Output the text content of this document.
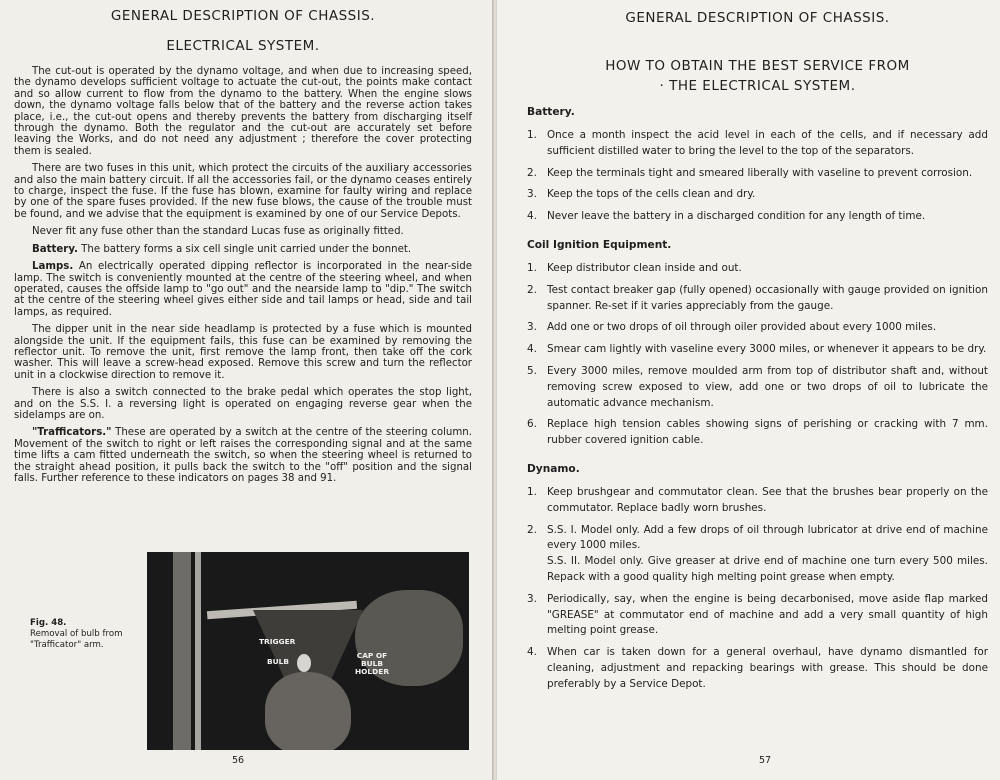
GENERAL DESCRIPTION OF CHASSIS.
ELECTRICAL SYSTEM.

The cut-out is operated by the dynamo voltage, and when due to increasing speed, the dynamo develops sufficient voltage to actuate the cut-out, the points make contact and so allow current to flow from the dynamo to the battery. When the engine slows down, the dynamo voltage falls below that of the battery and the reverse action takes place, i.e., the cut-out opens and thereby prevents the battery from discharging itself through the dynamo. Both the regulator and the cut-out are accurately set before leaving the Works, and do not need any adjustment ; therefore the cover protecting them is sealed.

There are two fuses in this unit, which protect the circuits of the auxiliary accessories and also the main battery circuit. If all the accessories fail, or the dynamo ceases entirely to charge, inspect the fuse. If the fuse has blown, examine for faulty wiring and replace by one of the spare fuses provided. If the new fuse blows, the cause of the trouble must be found, and we advise that the equipment is examined by one of our Service Depots.

Never fit any fuse other than the standard Lucas fuse as originally fitted.

Battery. The battery forms a six cell single unit carried under the bonnet.

Lamps. An electrically operated dipping reflector is incorporated in the near-side lamp. The switch is conveniently mounted at the centre of the steering wheel, and when operated, causes the offside lamp to "go out" and the nearside lamp to "dip." The switch at the centre of the steering wheel gives either side and tail lamps or head, side and tail lamps, as required.

The dipper unit in the near side headlamp is protected by a fuse which is mounted alongside the unit. If the equipment fails, this fuse can be examined by removing the reflector unit. To remove the unit, first remove the lamp front, then take off the cork washer. This will leave a screw-head exposed. Remove this screw and turn the reflector unit in a clockwise direction to remove it.

There is also a switch connected to the brake pedal which operates the stop light, and on the S.S. I. a reversing light is operated on engaging reverse gear when the sidelamps are on.

"Trafficators." These are operated by a switch at the centre of the steering column. Movement of the switch to right or left raises the corresponding signal and at the same time lifts a cam fitted underneath the switch, so when the steering wheel is returned to the straight ahead position, it pulls back the switch to the "off" position and the signal falls. Further reference to these indicators on pages 38 and 91.

Fig. 48.
Removal of bulb from "Trafficator" arm.	TRIGGER
BULB
CAP OF BULB HOLDER
56
GENERAL DESCRIPTION OF CHASSIS.
HOW TO OBTAIN THE BEST SERVICE FROM
· THE ELECTRICAL SYSTEM.
Battery.
1. Once a month inspect the acid level in each of the cells, and if necessary add sufficient distilled water to bring the level to the top of the separators.
2. Keep the terminals tight and smeared liberally with vaseline to prevent corrosion.
3. Keep the tops of the cells clean and dry.
4. Never leave the battery in a discharged condition for any length of time.
Coil Ignition Equipment.
1. Keep distributor clean inside and out.
2. Test contact breaker gap (fully opened) occasionally with gauge provided on ignition spanner. Re-set if it varies appreciably from the gauge.
3. Add one or two drops of oil through oiler provided about every 1000 miles.
4. Smear cam lightly with vaseline every 3000 miles, or whenever it appears to be dry.
5. Every 3000 miles, remove moulded arm from top of distributor shaft and, without removing screw exposed to view, add one or two drops of oil to lubricate the automatic advance mechanism.
6. Replace high tension cables showing signs of perishing or cracking with 7 mm. rubber covered ignition cable.
Dynamo.
1. Keep brushgear and commutator clean. See that the brushes bear properly on the commutator. Replace badly worn brushes.
2. S.S. I. Model only. Add a few drops of oil through lubricator at drive end of machine every 1000 miles.
S.S. II. Model only. Give greaser at drive end of machine one turn every 500 miles. Repack with a good quality high melting point grease when empty.
3. Periodically, say, when the engine is being decarbonised, move aside flap marked "GREASE" at commutator end of machine and add a very small quantity of high melting point grease.
4. When car is taken down for a general overhaul, have dynamo dismantled for cleaning, adjustment and repacking bearings with grease. This should be done preferably by a Service Depot.
57
